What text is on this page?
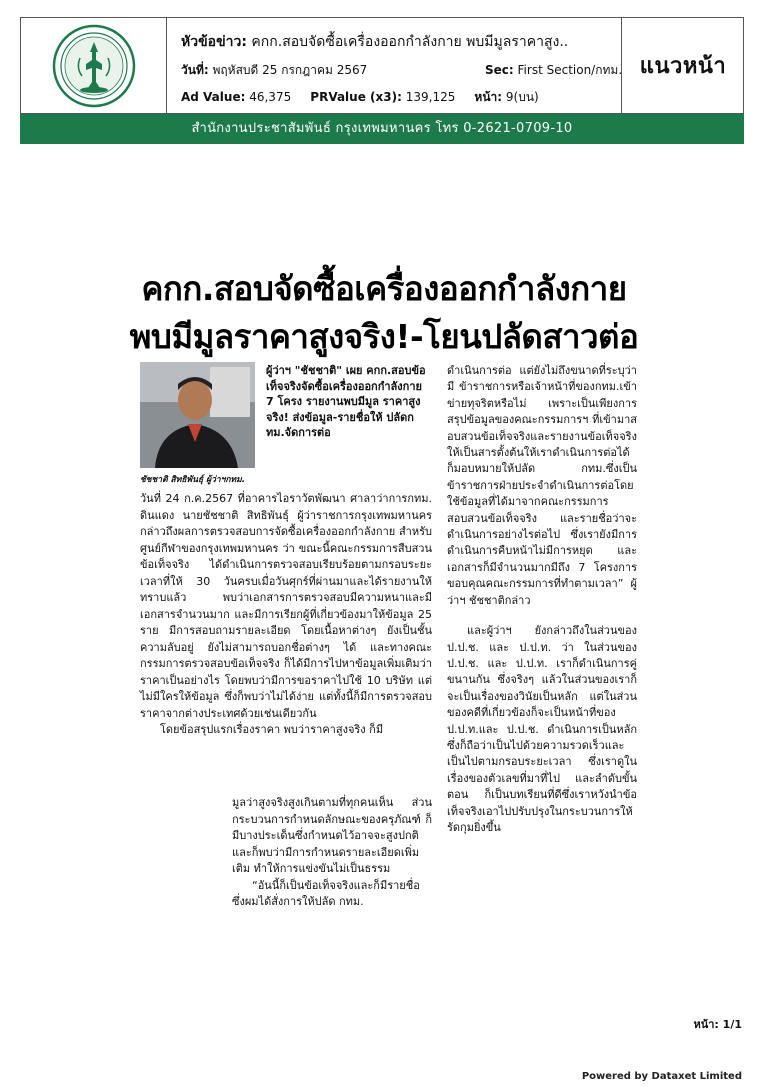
หัวข้อข่าว: คกก.สอบจัดซื้อเครื่องออกกำลังกาย พบมีมูลราคาสูง..
วันที่: พฤหัสบดี 25 กรกฎาคม 2567	Sec: First Section/กทม.
Ad Value: 46,375 PRValue (x3): 139,125 หน้า: 9(บน)
แนวหน้า
สำนักงานประชาสัมพันธ์ กรุงเทพมหานคร โทร 0-2621-0709-10
คกก.สอบจัดซื้อเครื่องออกกำลังกาย
พบมีมูลราคาสูงจริง!-โยนปลัดสาวต่อ
ชัชชาติ สิทธิพันธุ์ ผู้ว่าฯกทม.
ผู้ว่าฯ "ชัชชาติ" เผย คกก.สอบข้อเท็จจริงจัดซื้อเครื่องออกกำลังกาย 7 โครง รายงานพบมีมูล ราคาสูงจริง! ส่งข้อมูล-รายชื่อให้ ปลัดกทม.จัดการต่อ

วันที่ 24 ก.ค.2567 ที่อาคารไอราวัตพัฒนา ศาลาว่าการกทม. ดินแดง นายชัชชาติ สิทธิพันธุ์ ผู้ว่าราชการกรุงเทพมหานคร กล่าวถึงผลการตรวจสอบการจัดซื้อเครื่องออกกำลังกาย สำหรับศูนย์กีฬาของกรุงเทพมหานคร ว่า ขณะนี้คณะกรรมการสืบสวนข้อเท็จจริง ได้ดำเนินการตรวจสอบเรียบร้อยตามกรอบระยะเวลาที่ให้ 30 วันครบเมื่อวันศุกร์ที่ผ่านมาและได้รายงานให้ทราบแล้ว พบว่าเอกสารการตรวจสอบมีความหนาและมีเอกสารจำนวนมาก และมีการเรียกผู้ที่เกี่ยวข้องมาให้ข้อมูล 25 ราย มีการสอบถามรายละเอียด โดยเนื้อหาต่างๆ ยังเป็นชั้นความลับอยู่ ยังไม่สามารถบอกชื่อต่างๆ ได้ และทางคณะกรรมการตรวจสอบข้อเท็จจริง ก็ได้มีการไปหาข้อมูลเพิ่มเติมว่าราคาเป็นอย่างไร โดยพบว่ามีการขอราคาไปใช้ 10 บริษัท แต่ไม่มีใครให้ข้อมูล ซึ่งก็พบว่าไม่ได้ง่าย แต่ทั้งนี้ก็มีการตรวจสอบราคาจากต่างประเทศด้วยเช่นเดียวกัน

โดยข้อสรุปแรกเรื่องราคา พบว่าราคาสูงจริง ก็มี

มูลว่าสูงจริงสูงเกินตามที่ทุกคนเห็น ส่วนกระบวนการกำหนดลักษณะของครุภัณฑ์ ก็มีบางประเด็นซึ่งกำหนดไว้อาจจะสูงปกติ และก็พบว่ามีการกำหนดรายละเอียดเพิ่มเติม ทำให้การแข่งขันไม่เป็นธรรม

“อันนี้ก็เป็นข้อเท็จจริงและก็มีรายชื่อ ซึ่งผมได้สั่งการให้ปลัด กทม.

ดำเนินการต่อ แต่ยังไม่ถึงขนาดที่ระบุว่ามี ข้าราชการหรือเจ้าหน้าที่ของกทม.เข้าข่ายทุจริตหรือไม่ เพราะเป็นเพียงการสรุปข้อมูลของคณะกรรมการฯ ที่เข้ามาสอบสวนข้อเท็จจริงและรายงานข้อเท็จจริง ให้เป็นสารตั้งต้นให้เราดำเนินการต่อได้ ก็มอบหมายให้ปลัด กทม.ซึ่งเป็นข้าราชการฝ่ายประจำดำเนินการต่อโดยใช้ข้อมูลที่ได้มาจากคณะกรรมการสอบสวนข้อเท็จจริง และรายชื่อว่าจะดำเนินการอย่างไรต่อไป ซึ่งเรายังมีการดำเนินการคืบหน้าไม่มีการหยุด และเอกสารก็มีจำนวนมากมีถึง 7 โครงการ ขอบคุณคณะกรรมการที่ทำตามเวลา” ผู้ว่าฯ ชัชชาติกล่าว

และผู้ว่าฯ ยังกล่าวถึงในส่วนของ ป.ป.ช. และ ป.ป.ท. ว่า ในส่วนของ ป.ป.ช. และ ป.ป.ท. เราก็ดำเนินการคู่ขนานกัน ซึ่งจริงๆ แล้วในส่วนของเราก็จะเป็นเรื่องของวินัยเป็นหลัก แต่ในส่วนของคดีที่เกี่ยวข้องก็จะเป็นหน้าที่ของ ป.ป.ท.และ ป.ป.ช. ดำเนินการเป็นหลัก ซึ่งก็ถือว่าเป็นไปด้วยความรวดเร็วและเป็นไปตามกรอบระยะเวลา ซึ่งเราดูในเรื่องของตัวเลขที่มาที่ไป และลำดับขั้นตอน ก็เป็นบทเรียนที่ดีซึ่งเราหวังนำข้อเท็จจริงเอาไปปรับปรุงในกระบวนการให้รัดกุมยิ่งขึ้น

หน้า: 1/1
Powered by Dataxet Limited
